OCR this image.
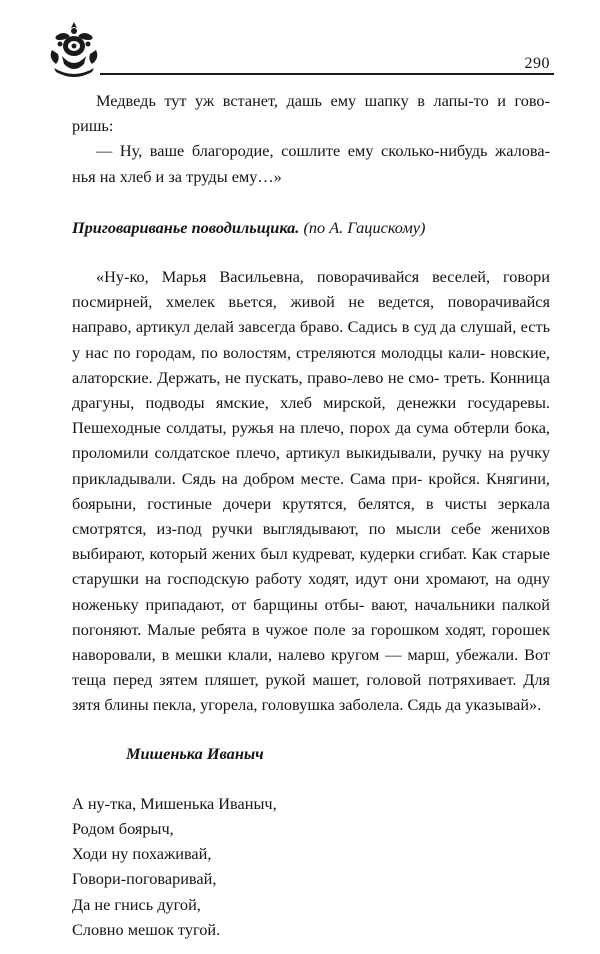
290

Медведь тут уж встанет, дашь ему шапку в лапы-то и гово- ришь:

— Ну, ваше благородие, сошлите ему сколько-нибудь жалова- нья на хлеб и за труды ему…»

Приговариванье поводильщика. (по А. Гацискому)

«Ну-ко, Марья Васильевна, поворачивайся веселей, говори посмирней, хмелек вьется, живой не ведется, поворачивайся направо, артикул делай завсегда браво. Садись в суд да слушай, есть у нас по городам, по волостям, стреляются молодцы кали- новские, алаторские. Держать, не пускать, право-лево не смо- треть. Конница драгуны, подводы ямские, хлеб мирской, денежки государевы. Пешеходные солдаты, ружья на плечо, порох да сума обтерли бока, проломили солдатское плечо, артикул выкидывали, ручку на ручку прикладывали. Сядь на добром месте. Сама при- кройся. Княгини, боярыни, гостиные дочери крутятся, белятся, в чисты зеркала смотрятся, из-под ручки выглядывают, по мысли себе женихов выбирают, который жених был кудреват, кудерки сгибат. Как старые старушки на господскую работу ходят, идут они хромают, на одну ноженьку припадают, от барщины отбы- вают, начальники палкой погоняют. Малые ребята в чужое поле за горошком ходят, горошек наворовали, в мешки клали, налево кругом — марш, убежали. Вот теща перед зятем пляшет, рукой машет, головой потряхивает. Для зятя блины пекла, угорела, головушка заболела. Сядь да указывай».

Мишенька Иваныч

А ну-тка, Мишенька Иваныч,
Родом боярыч,
Ходи ну похаживай,
Говори-поговаривай,
Да не гнись дугой,
Словно мешок тугой.
